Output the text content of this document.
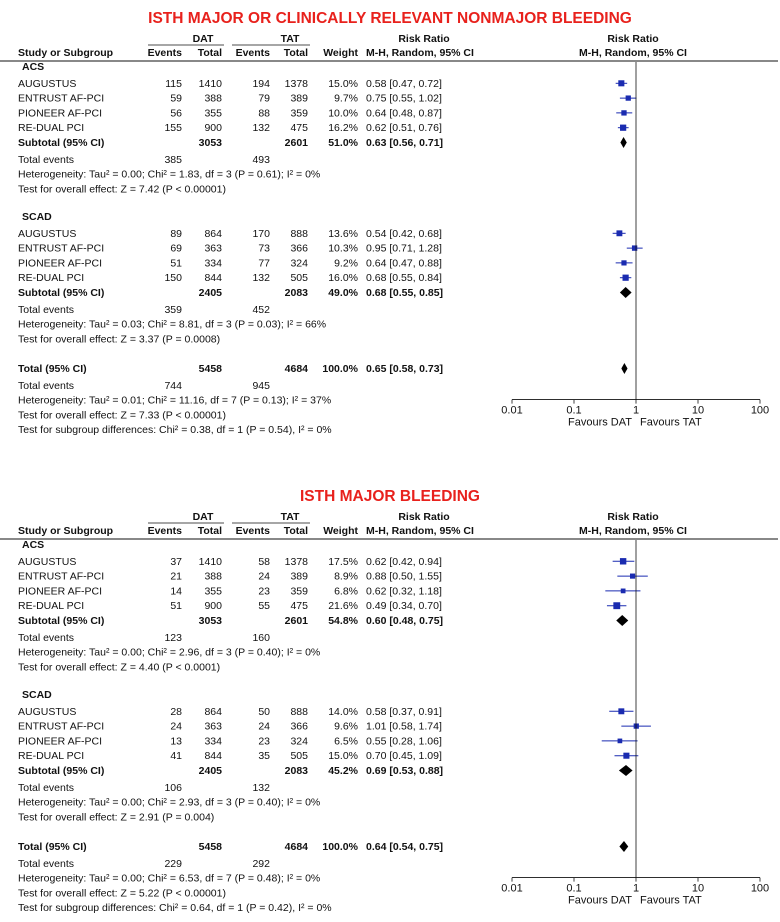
ISTH MAJOR OR CLINICALLY RELEVANT NONMAJOR BLEEDING
DAT	TAT	Risk Ratio	Risk Ratio
Study or Subgroup	Events Total Events Total Weight M-H, Random, 95% CI	M-H, Random, 95% CI
ACS
AUGUSTUS	115 1410	194 1378 15.0% 0.58 [0.47, 0.72]
ENTRUST AF-PCI	59 388	79 389 9.7% 0.75 [0.55, 1.02]
PIONEER AF-PCI	56 355	88 359 10.0% 0.64 [0.48, 0.87]
RE-DUAL PCI	155 900	132 475 16.2% 0.62 [0.51, 0.76]
Subtotal (95% CI)	3053	2601 51.0% 0.63 [0.56, 0.71]
Total events	385	493
Heterogeneity: Tau² = 0.00; Chi² = 1.83, df = 3 (P = 0.61); I² = 0%
Test for overall effect: Z = 7.42 (P < 0.00001)
SCAD
AUGUSTUS	89 864	170 888 13.6% 0.54 [0.42, 0.68]
ENTRUST AF-PCI	69 363	73 366 10.3% 0.95 [0.71, 1.28]
PIONEER AF-PCI	51 334	77 324 9.2% 0.64 [0.47, 0.88]
RE-DUAL PCI	150 844	132 505 16.0% 0.68 [0.55, 0.84]
Subtotal (95% CI)	2405	2083 49.0% 0.68 [0.55, 0.85]
Total events	359	452
Heterogeneity: Tau² = 0.03; Chi² = 8.81, df = 3 (P = 0.03); I² = 66%
Test for overall effect: Z = 3.37 (P = 0.0008)
Total (95% CI)	5458	4684 100.0% 0.65 [0.58, 0.73]
Total events	744	945
Heterogeneity: Tau² = 0.01; Chi² = 11.16, df = 7 (P = 0.13); I² = 37%
Test for overall effect: Z = 7.33 (P < 0.00001)
Test for subgroup differences: Chi² = 0.38, df = 1 (P = 0.54), I² = 0%
0.01	0.1	1	10	100
Favours DAT Favours TAT
ISTH MAJOR BLEEDING
DAT	TAT	Risk Ratio	Risk Ratio
Study or Subgroup	Events Total Events Total Weight M-H, Random, 95% CI	M-H, Random, 95% CI
ACS
AUGUSTUS	37 1410	58 1378 17.5% 0.62 [0.42, 0.94]
ENTRUST AF-PCI	21 388	24 389 8.9% 0.88 [0.50, 1.55]
PIONEER AF-PCI	14 355	23 359 6.8% 0.62 [0.32, 1.18]
RE-DUAL PCI	51 900	55 475 21.6% 0.49 [0.34, 0.70]
Subtotal (95% CI)	3053	2601 54.8% 0.60 [0.48, 0.75]
Total events	123	160
Heterogeneity: Tau² = 0.00; Chi² = 2.96, df = 3 (P = 0.40); I² = 0%
Test for overall effect: Z = 4.40 (P < 0.0001)
SCAD
AUGUSTUS	28 864	50 888 14.0% 0.58 [0.37, 0.91]
ENTRUST AF-PCI	24 363	24 366 9.6% 1.01 [0.58, 1.74]
PIONEER AF-PCI	13 334	23 324 6.5% 0.55 [0.28, 1.06]
RE-DUAL PCI	41 844	35 505 15.0% 0.70 [0.45, 1.09]
Subtotal (95% CI)	2405	2083 45.2% 0.69 [0.53, 0.88]
Total events	106	132
Heterogeneity: Tau² = 0.00; Chi² = 2.93, df = 3 (P = 0.40); I² = 0%
Test for overall effect: Z = 2.91 (P = 0.004)
Total (95% CI)	5458	4684 100.0% 0.64 [0.54, 0.75]
Total events	229	292
Heterogeneity: Tau² = 0.00; Chi² = 6.53, df = 7 (P = 0.48); I² = 0%
Test for overall effect: Z = 5.22 (P < 0.00001)
Test for subgroup differences: Chi² = 0.64, df = 1 (P = 0.42), I² = 0%
0.01	0.1	1	10	100
Favours DAT Favours TAT
